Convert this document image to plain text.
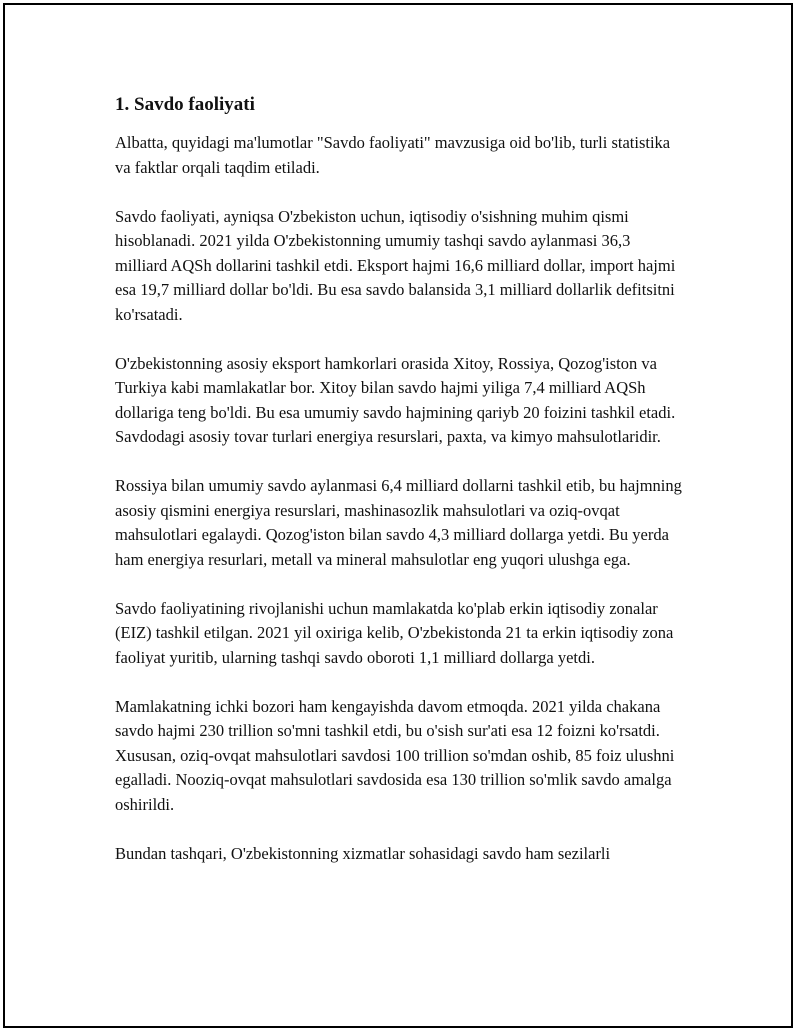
1. Savdo faoliyati

Albatta, quyidagi ma'lumotlar "Savdo faoliyati" mavzusiga oid bo'lib, turli statistika va faktlar orqali taqdim etiladi.

Savdo faoliyati, ayniqsa O'zbekiston uchun, iqtisodiy o'sishning muhim qismi hisoblanadi. 2021 yilda O'zbekistonning umumiy tashqi savdo aylanmasi 36,3 milliard AQSh dollarini tashkil etdi. Eksport hajmi 16,6 milliard dollar, import hajmi esa 19,7 milliard dollar bo'ldi. Bu esa savdo balansida 3,1 milliard dollarlik defitsitni ko'rsatadi.

O'zbekistonning asosiy eksport hamkorlari orasida Xitoy, Rossiya, Qozog'iston va Turkiya kabi mamlakatlar bor. Xitoy bilan savdo hajmi yiliga 7,4 milliard AQSh dollariga teng bo'ldi. Bu esa umumiy savdo hajmining qariyb 20 foizini tashkil etadi. Savdodagi asosiy tovar turlari energiya resurslari, paxta, va kimyo mahsulotlaridir.

Rossiya bilan umumiy savdo aylanmasi 6,4 milliard dollarni tashkil etib, bu hajmning asosiy qismini energiya resurslari, mashinasozlik mahsulotlari va oziq-ovqat mahsulotlari egalaydi. Qozog'iston bilan savdo 4,3 milliard dollarga yetdi. Bu yerda ham energiya resurlari, metall va mineral mahsulotlar eng yuqori ulushga ega.

Savdo faoliyatining rivojlanishi uchun mamlakatda ko'plab erkin iqtisodiy zonalar (EIZ) tashkil etilgan. 2021 yil oxiriga kelib, O'zbekistonda 21 ta erkin iqtisodiy zona faoliyat yuritib, ularning tashqi savdo oboroti 1,1 milliard dollarga yetdi.

Mamlakatning ichki bozori ham kengayishda davom etmoqda. 2021 yilda chakana savdo hajmi 230 trillion so'mni tashkil etdi, bu o'sish sur'ati esa 12 foizni ko'rsatdi. Xususan, oziq-ovqat mahsulotlari savdosi 100 trillion so'mdan oshib, 85 foiz ulushni egalladi. Nooziq-ovqat mahsulotlari savdosida esa 130 trillion so'mlik savdo amalga oshirildi.

Bundan tashqari, O'zbekistonning xizmatlar sohasidagi savdo ham sezilarli
